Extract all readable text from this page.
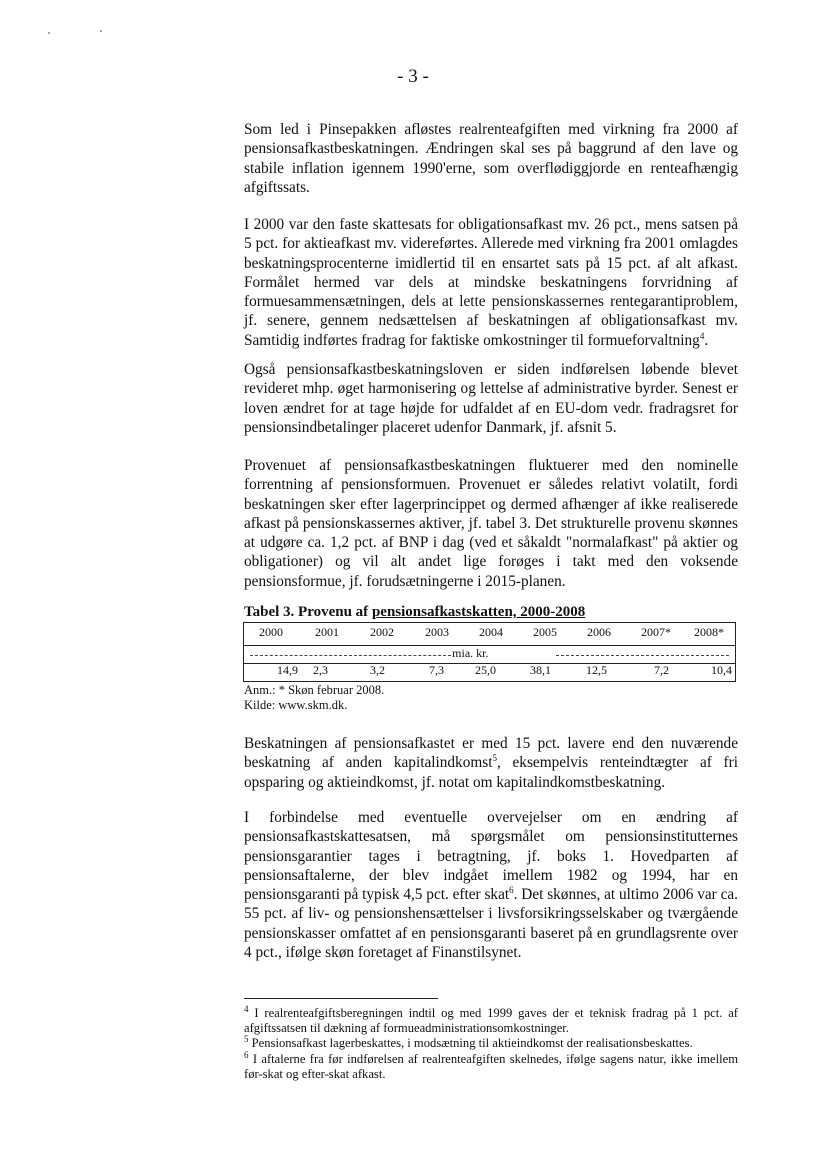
- 3 -

Som led i Pinsepakken afløstes realrenteafgiften med virkning fra 2000 af pensionsafkastbeskatningen. Ændringen skal ses på baggrund af den lave og stabile inflation igennem 1990'erne, som overflødiggjorde en renteafhængig afgiftssats.

I 2000 var den faste skattesats for obligationsafkast mv. 26 pct., mens satsen på 5 pct. for aktieafkast mv. videreførtes. Allerede med virkning fra 2001 omlagdes beskatningsprocenterne imidlertid til en ensartet sats på 15 pct. af alt afkast. Formålet hermed var dels at mindske beskatningens forvridning af formuesammensætningen, dels at lette pensionskassernes rentegarantiproblem, jf. senere, gennem nedsættelsen af beskatningen af obligationsafkast mv. Samtidig indførtes fradrag for faktiske omkostninger til formueforvaltning$^4$.

Også pensionsafkastbeskatningsloven er siden indførelsen løbende blevet revideret mhp. øget harmonisering og lettelse af administrative byrder. Senest er loven ændret for at tage højde for udfaldet af en EU-dom vedr. fradragsret for pensionsindbetalinger placeret udenfor Danmark, jf. afsnit 5.

Provenuet af pensionsafkastbeskatningen fluktuerer med den nominelle forrentning af pensionsformuen. Provenuet er således relativt volatilt, fordi beskatningen sker efter lagerprincippet og dermed afhænger af ikke realiserede afkast på pensionskassernes aktiver, jf. tabel 3. Det strukturelle provenu skønnes at udgøre ca. 1,2 pct. af BNP i dag (ved et såkaldt "normalafkast" på aktier og obligationer) og vil alt andet lige forøges i takt med den voksende pensionsformue, jf. forudsætningerne i 2015-planen.

Tabel 3. Provenu af pensionsafkastskatten, 2000-2008
2000	2001	2002	2003	2004	2005	2006	2007*	2008*
mia. kr.
14,9	2,3	3,2	7,3	25,0	38,1	12,5	7,2	10,4
Anm.: * Skøn februar 2008.
Kilde: www.skm.dk.

Beskatningen af pensionsafkastet er med 15 pct. lavere end den nuværende beskatning af anden kapitalindkomst$^5$, eksempelvis renteindtægter af fri opsparing og aktieindkomst, jf. notat om kapitalindkomstbeskatning.

I forbindelse med eventuelle overvejelser om en ændring af pensionsafkastskattesatsen, må spørgsmålet om pensionsinstitutternes pensionsgarantier tages i betragtning, jf. boks 1. Hovedparten af pensionsaftalerne, der blev indgået imellem 1982 og 1994, har en pensionsgaranti på typisk 4,5 pct. efter skat$^6$. Det skønnes, at ultimo 2006 var ca. 55 pct. af liv- og pensionshensættelser i livsforsikringsselskaber og tværgående pensionskasser omfattet af en pensionsgaranti baseret på en grundlagsrente over 4 pct., ifølge skøn foretaget af Finanstilsynet.

$^4$ I realrenteafgiftsberegningen indtil og med 1999 gaves der et teknisk fradrag på 1 pct. af afgiftssatsen til dækning af formueadministrationsomkostninger.

$^5$ Pensionsafkast lagerbeskattes, i modsætning til aktieindkomst der realisationsbeskattes.

$^6$ I aftalerne fra før indførelsen af realrenteafgiften skelnedes, ifølge sagens natur, ikke imellem før-skat og efter-skat afkast.
